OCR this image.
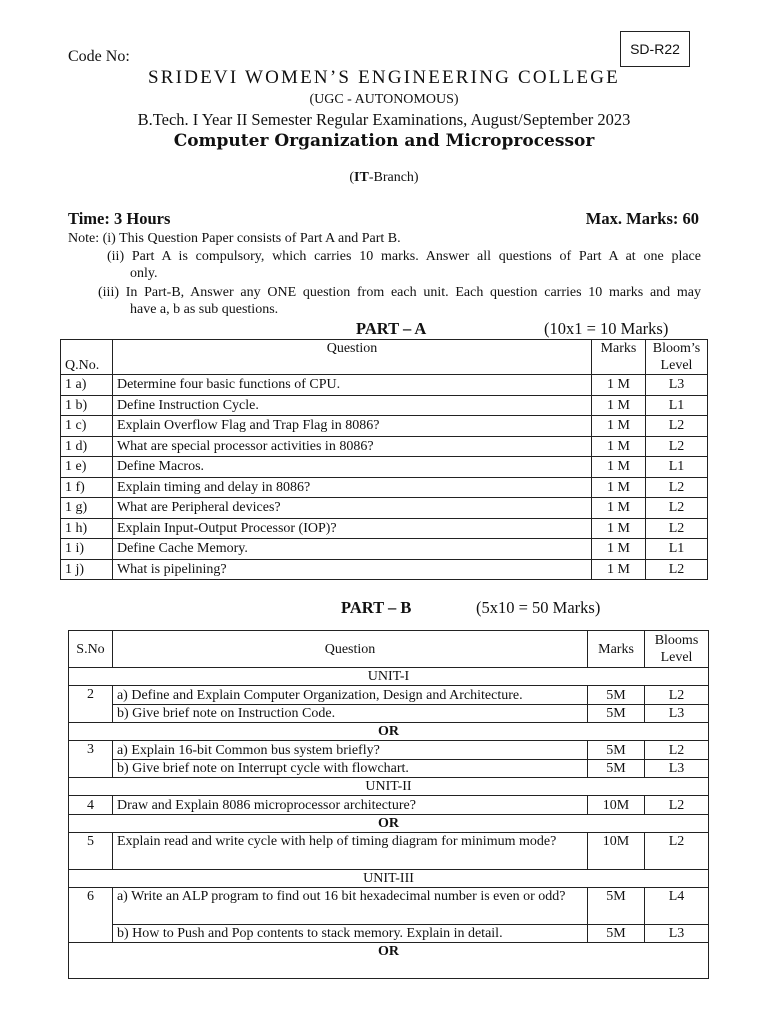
Code No:	SD-R22
SRIDEVI WOMEN’S ENGINEERING COLLEGE
(UGC - AUTONOMOUS)
B.Tech. I Year II Semester Regular Examinations, August/September 2023
Computer Organization and Microprocessor
(IT-Branch)
Time: 3 Hours	Max. Marks: 60
Note: (i) This Question Paper consists of Part A and Part B.
(ii) Part A is compulsory, which carries 10 marks. Answer all questions of Part A at one place
only.
(iii) In Part-B, Answer any ONE question from each unit. Each question carries 10 marks and may
have a, b as sub questions.
PART – A	(10x1 = 10 Marks)
Q.No.	Question	Marks	Bloom’s
Level
1 a)	Determine four basic functions of CPU.	1 M	L3
1 b)	Define Instruction Cycle.	1 M	L1
1 c)	Explain Overflow Flag and Trap Flag in 8086?	1 M	L2
1 d)	What are special processor activities in 8086?	1 M	L2
1 e)	Define Macros.	1 M	L1
1 f)	Explain timing and delay in 8086?	1 M	L2
1 g)	What are Peripheral devices?	1 M	L2
1 h)	Explain Input-Output Processor (IOP)?	1 M	L2
1 i)	Define Cache Memory.	1 M	L1
1 j)	What is pipelining?	1 M	L2
PART – B	(5x10 = 50 Marks)
S.No	Question	Marks	Blooms
Level
UNIT-I			
2	a) Define and Explain Computer Organization, Design and Architecture.	5M	L2
	b) Give brief note on Instruction Code.	5M	L3
OR			
3	a) Explain 16-bit Common bus system briefly?	5M	L2
	b) Give brief note on Interrupt cycle with flowchart.	5M	L3
UNIT-II			
4	Draw and Explain 8086 microprocessor architecture?	10M	L2
OR			
5	Explain read and write cycle with help of timing diagram for minimum mode?	10M	L2
UNIT-III			
6	a) Write an ALP program to find out 16 bit hexadecimal number is even or odd?	5M	L4
	b) How to Push and Pop contents to stack memory. Explain in detail.	5M	L3
OR			
